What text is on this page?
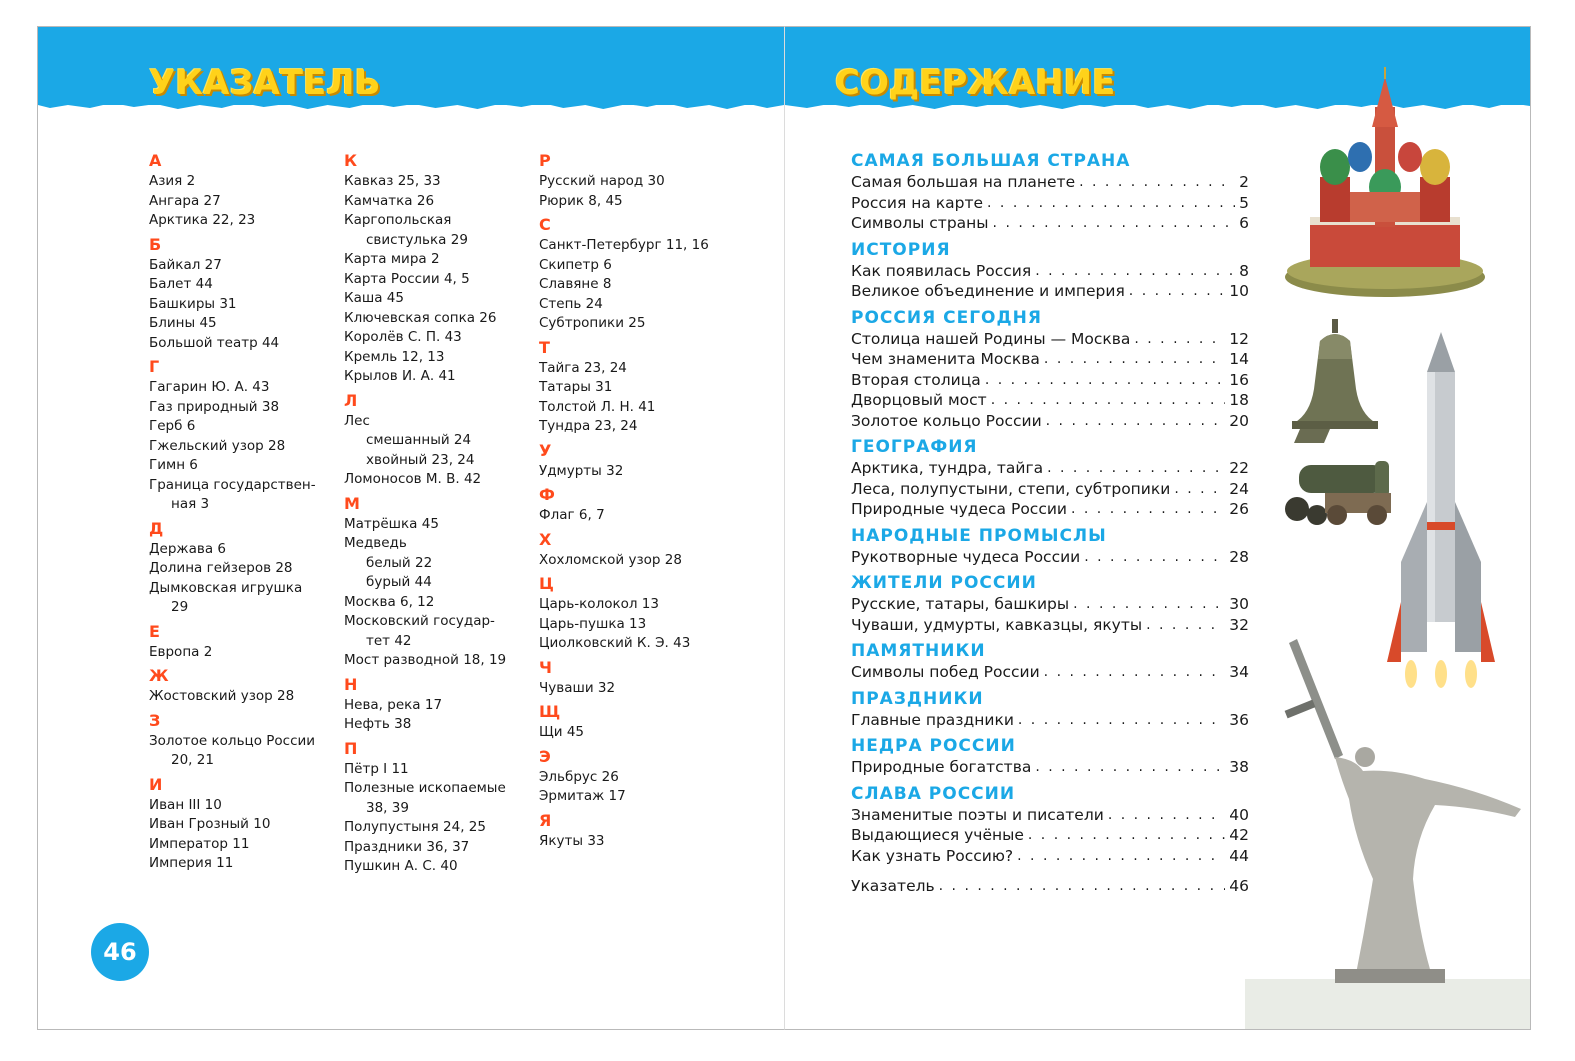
УКАЗАТЕЛЬ
А
Азия 2
Ангара 27
Арктика 22, 23
Б
Байкал 27
Балет 44
Башкиры 31
Блины 45
Большой театр 44
Г
Гагарин Ю. А. 43
Газ природный 38
Герб 6
Гжельский узор 28
Гимн 6
Граница государствен-
ная 3
Д
Держава 6
Долина гейзеров 28
Дымковская игрушка
29
Е
Европа 2
Ж
Жостовский узор 28
З
Золотое кольцо России
20, 21
И
Иван III 10
Иван Грозный 10
Император 11
Империя 11
К
Кавказ 25, 33
Камчатка 26
Каргопольская
свистулька 29
Карта мира 2
Карта России 4, 5
Каша 45
Ключевская сопка 26
Королёв С. П. 43
Кремль 12, 13
Крылов И. А. 41
Л
Лес
смешанный 24
хвойный 23, 24
Ломоносов М. В. 42
М
Матрёшка 45
Медведь
белый 22
бурый 44
Москва 6, 12
Московский государ-
тет 42
Мост разводной 18, 19
Н
Нева, река 17
Нефть 38
П
Пётр I 11
Полезные ископаемые
38, 39
Полупустыня 24, 25
Праздники 36, 37
Пушкин А. С. 40
Р
Русский народ 30
Рюрик 8, 45
С
Санкт-Петербург 11, 16
Скипетр 6
Славяне 8
Степь 24
Субтропики 25
Т
Тайга 23, 24
Татары 31
Толстой Л. Н. 41
Тундра 23, 24
У
Удмурты 32
Ф
Флаг 6, 7
Х
Хохломской узор 28
Ц
Царь-колокол 13
Царь-пушка 13
Циолковский К. Э. 43
Ч
Чуваши 32
Щ
Щи 45
Э
Эльбрус 26
Эрмитаж 17
Я
Якуты 33
46
СОДЕРЖАНИЕ
САМАЯ БОЛЬШАЯ СТРАНА
Самая большая на планете . . .	2
Россия на карте . . .	5
Символы страны . . .	6
ИСТОРИЯ
Как появилась Россия . . .	8
Великое объединение и империя . . .	10
РОССИЯ СЕГОДНЯ
Столица нашей Родины — Москва . . .	12
Чем знаменита Москва . . .	14
Вторая столица . . .	16
Дворцовый мост . . .	18
Золотое кольцо России . . .	20
ГЕОГРАФИЯ
Арктика, тундра, тайга . . .	22
Леса, полупустыни, степи, субтропики . . .	24
Природные чудеса России . . .	26
НАРОДНЫЕ ПРОМЫСЛЫ
Рукотворные чудеса России . . .	28
ЖИТЕЛИ РОССИИ
Русские, татары, башкиры . . .	30
Чуваши, удмурты, кавказцы, якуты . . .	32
ПАМЯТНИКИ
Символы побед России . . .	34
ПРАЗДНИКИ
Главные праздники . . .	36
НЕДРА РОССИИ
Природные богатства . . .	38
СЛАВА РОССИИ
Знаменитые поэты и писатели . . .	40
Выдающиеся учёные . . .	42
Как узнать Россию? . . .	44
Указатель . . .	46
